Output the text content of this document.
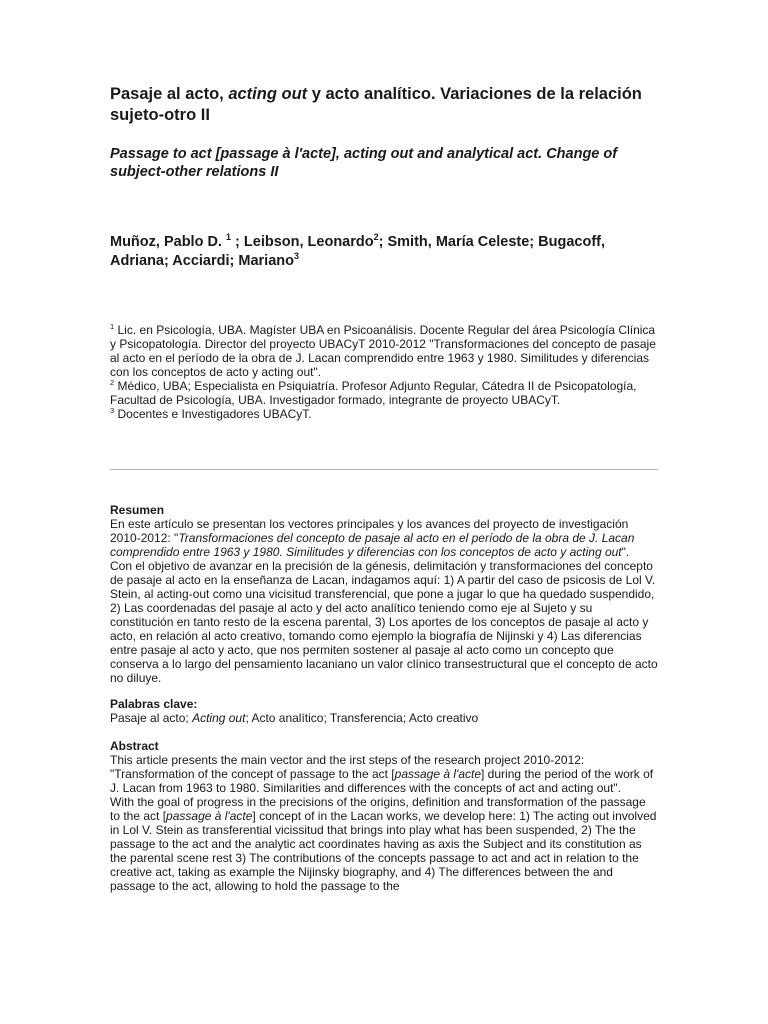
Pasaje al acto, acting out y acto analítico. Variaciones de la relación sujeto-otro II
Passage to act [passage à l'acte], acting out and analytical act. Change of subject-other relations II
Muñoz, Pablo D. $^1$ ; Leibson, Leonardo$^2$; Smith, María Celeste; Bugacoff, Adriana; Acciardi; Mariano$^3$

$^1$ Lic. en Psicología, UBA. Magíster UBA en Psicoanálisis. Docente Regular del área Psicología Clínica y Psicopatología. Director del proyecto UBACyT 2010-2012 "Transformaciones del concepto de pasaje al acto en el período de la obra de J. Lacan comprendido entre 1963 y 1980. Similitudes y diferencias con los conceptos de acto y acting out".

$^2$ Médico, UBA; Especialista en Psiquiatría. Profesor Adjunto Regular, Cátedra II de Psicopatología, Facultad de Psicología, UBA. Investigador formado, integrante de proyecto UBACyT.

$^3$ Docentes e Investigadores UBACyT.

Resumen

En este artículo se presentan los vectores principales y los avances del proyecto de investigación 2010-2012: "Transformaciones del concepto de pasaje al acto en el período de la obra de J. Lacan comprendido entre 1963 y 1980. Similitudes y diferencias con los conceptos de acto y acting out".

Con el objetivo de avanzar en la precisión de la génesis, delimitación y transformaciones del concepto de pasaje al acto en la enseñanza de Lacan, indagamos aquí: 1) A partir del caso de psicosis de Lol V. Stein, al acting-out como una vicisitud transferencial, que pone a jugar lo que ha quedado suspendido, 2) Las coordenadas del pasaje al acto y del acto analítico teniendo como eje al Sujeto y su constitución en tanto resto de la escena parental, 3) Los aportes de los conceptos de pasaje al acto y acto, en relación al acto creativo, tomando como ejemplo la biografía de Nijinski y 4) Las diferencias entre pasaje al acto y acto, que nos permiten sostener al pasaje al acto como un concepto que conserva a lo largo del pensamiento lacaniano un valor clínico transestructural que el concepto de acto no diluye.

Palabras clave:

Pasaje al acto; Acting out; Acto analítico; Transferencia; Acto creativo

Abstract

This article presents the main vector and the irst steps of the research project 2010-2012: "Transformation of the concept of passage to the act [passage à l'acte] during the period of the work of J. Lacan from 1963 to 1980. Similarities and differences with the concepts of act and acting out".

With the goal of progress in the precisions of the origins, definition and transformation of the passage to the act [passage à l'acte] concept of in the Lacan works, we develop here: 1) The acting out involved in Lol V. Stein as transferential vicissitud that brings into play what has been suspended, 2) The the passage to the act and the analytic act coordinates having as axis the Subject and its constitution as the parental scene rest 3) The contributions of the concepts passage to act and act in relation to the creative act, taking as example the Nijinsky biography, and 4) The differences between the and passage to the act, allowing to hold the passage to the
